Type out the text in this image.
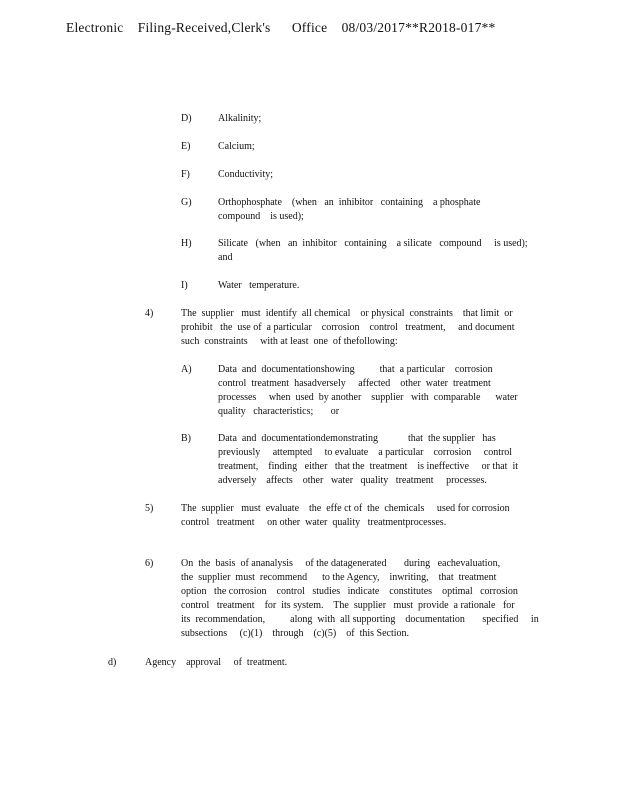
Electronic    Filing-Received,Clerk's      Office    08/03/2017**R2018-017**
D)	Alkalinity;
E)	Calcium;
F)	Conductivity;
G)	Orthophosphate    (when   an  inhibitor   containing    a phosphate
compound    is used);
H)	Silicate   (when   an  inhibitor   containing    a silicate   compound     is used);
and
I)	Water   temperature.
4)	The  supplier   must  identify  all chemical    or physical  constraints    that limit  or
prohibit   the  use of  a particular    corrosion    control   treatment,     and document
such  constraints     with at least  one  of thefollowing:
A)	Data  and  documentationshowing          that  a particular    corrosion
control  treatment  hasadversely     affected    other  water  treatment
processes     when  used  by another    supplier   with  comparable      water
quality   characteristics;       or
B)	Data  and  documentationdemonstrating            that  the supplier   has
previously     attempted     to evaluate    a particular    corrosion     control
treatment,    finding   either   that the  treatment    is ineffective     or that  it
adversely    affects    other   water   quality   treatment     processes.
5)	The  supplier   must  evaluate    the  effe ct of  the  chemicals     used for corrosion
control   treatment     on other  water  quality   treatmentprocesses.
6)	On  the  basis  of ananalysis     of the datagenerated       during   eachevaluation,
the  supplier  must  recommend      to the Agency,    inwriting,    that  treatment
option   the corrosion    control   studies   indicate    constitutes    optimal   corrosion
control   treatment    for  its system.    The  supplier   must  provide  a rationale   for
its  recommendation,          along  with  all supporting    documentation       specified     in
subsections     (c)(1)    through    (c)(5)    of  this Section.
d)	Agency    approval     of  treatment.
